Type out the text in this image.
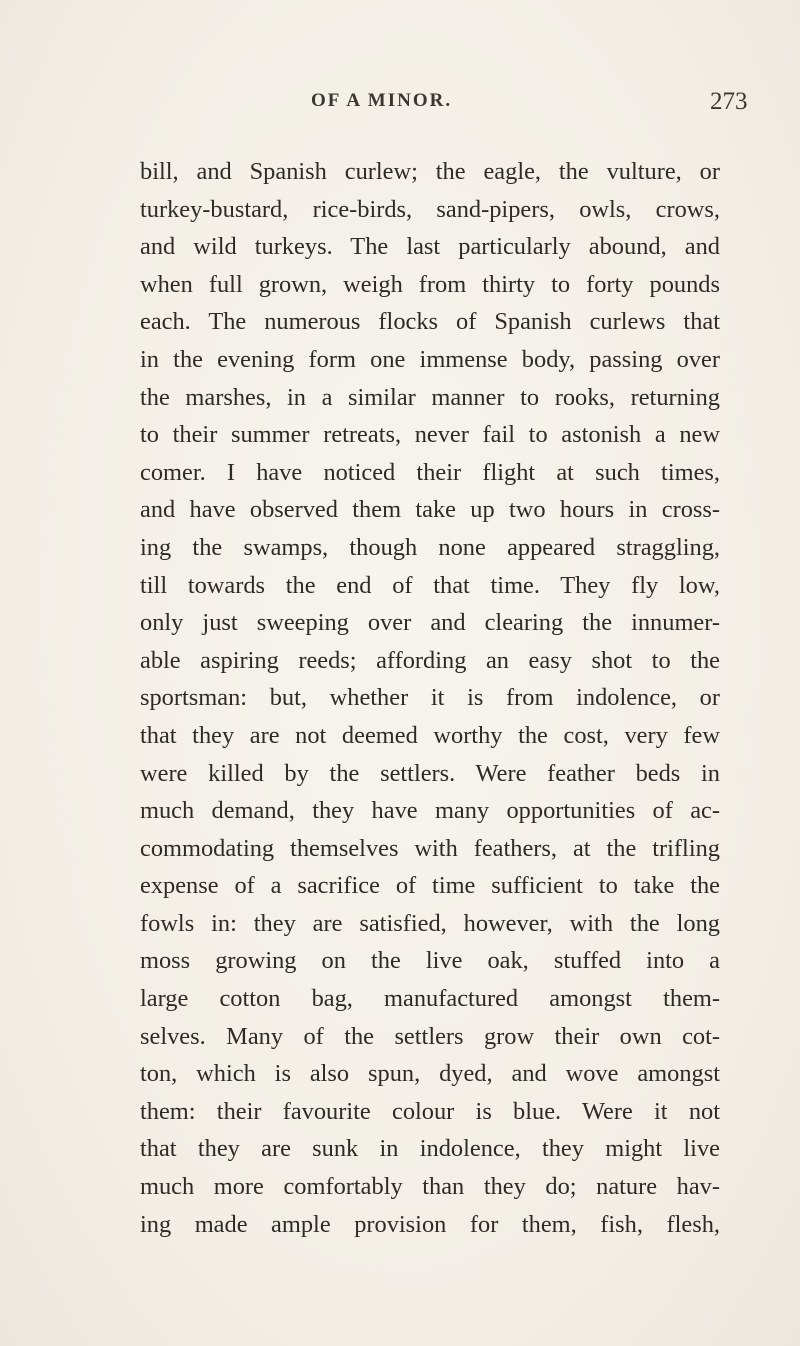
OF A MINOR.	273
bill, and Spanish curlew; the eagle, the vulture, or
turkey-bustard, rice-birds, sand-pipers, owls, crows,
and wild turkeys. The last particularly abound, and
when full grown, weigh from thirty to forty pounds
each. The numerous flocks of Spanish curlews that
in the evening form one immense body, passing over
the marshes, in a similar manner to rooks, returning
to their summer retreats, never fail to astonish a new
comer. I have noticed their flight at such times,
and have observed them take up two hours in cross-
ing the swamps, though none appeared straggling,
till towards the end of that time. They fly low,
only just sweeping over and clearing the innumer-
able aspiring reeds; affording an easy shot to the
sportsman: but, whether it is from indolence, or
that they are not deemed worthy the cost, very few
were killed by the settlers. Were feather beds in
much demand, they have many opportunities of ac-
commodating themselves with feathers, at the trifling
expense of a sacrifice of time sufficient to take the
fowls in: they are satisfied, however, with the long
moss growing on the live oak, stuffed into a
large cotton bag, manufactured amongst them-
selves. Many of the settlers grow their own cot-
ton, which is also spun, dyed, and wove amongst
them: their favourite colour is blue. Were it not
that they are sunk in indolence, they might live
much more comfortably than they do; nature hav-
ing made ample provision for them, fish, flesh,
